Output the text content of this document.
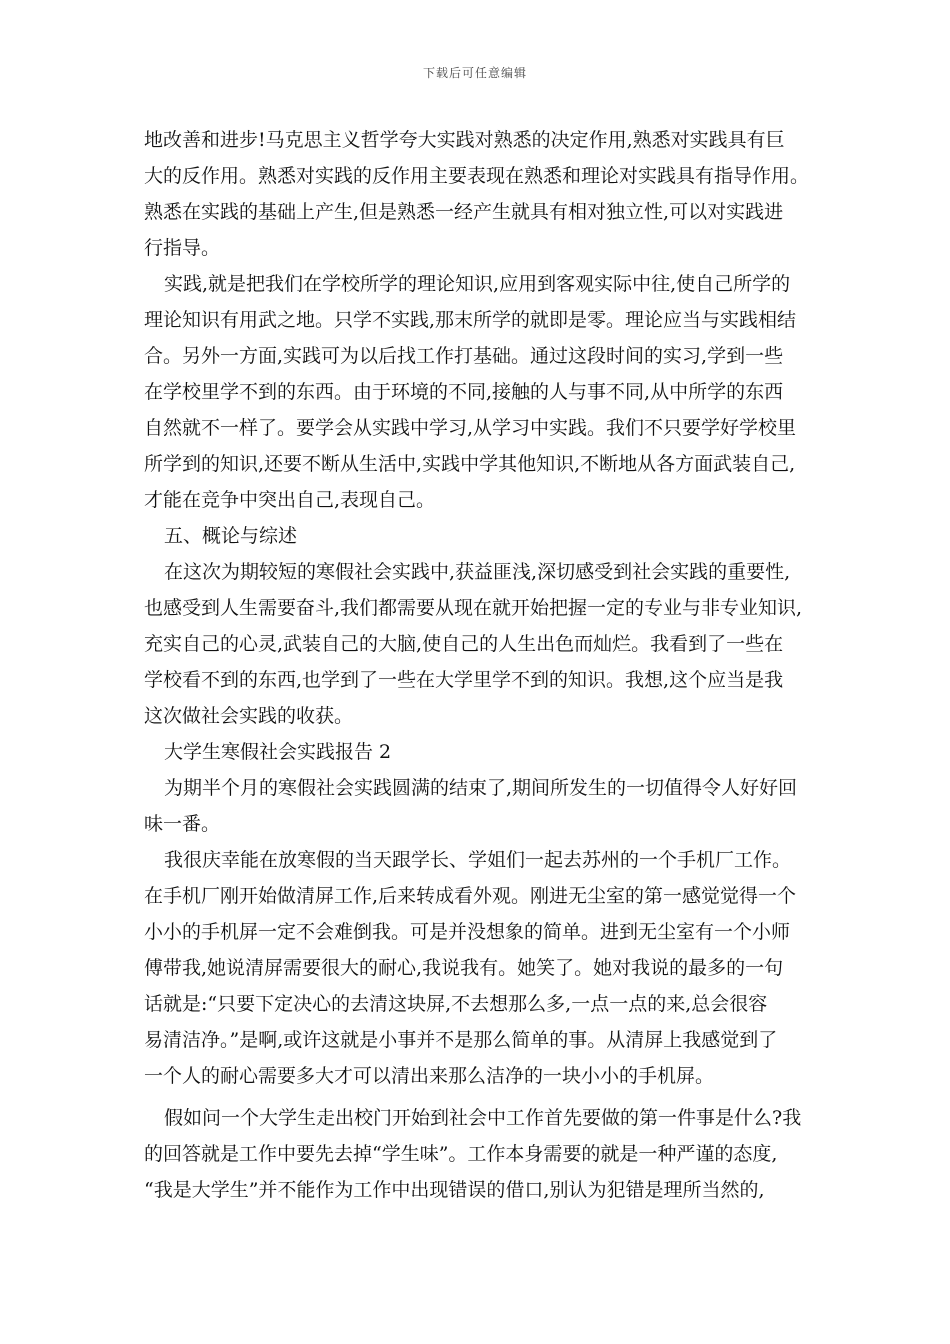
下载后可任意编辑
地改善和进步!马克思主义哲学夸大实践对熟悉的决定作用,熟悉对实践具有巨
大的反作用。熟悉对实践的反作用主要表现在熟悉和理论对实践具有指导作用。
熟悉在实践的基础上产生,但是熟悉一经产生就具有相对独立性,可以对实践进
行指导。
实践,就是把我们在学校所学的理论知识,应用到客观实际中往,使自己所学的
理论知识有用武之地。只学不实践,那末所学的就即是零。理论应当与实践相结
合。另外一方面,实践可为以后找工作打基础。通过这段时间的实习,学到一些
在学校里学不到的东西。由于环境的不同,接触的人与事不同,从中所学的东西
自然就不一样了。要学会从实践中学习,从学习中实践。我们不只要学好学校里
所学到的知识,还要不断从生活中,实践中学其他知识,不断地从各方面武装自己,
才能在竞争中突出自己,表现自己。
五、概论与综述
在这次为期较短的寒假社会实践中,获益匪浅,深切感受到社会实践的重要性,
也感受到人生需要奋斗,我们都需要从现在就开始把握一定的专业与非专业知识,
充实自己的心灵,武装自己的大脑,使自己的人生出色而灿烂。我看到了一些在
学校看不到的东西,也学到了一些在大学里学不到的知识。我想,这个应当是我
这次做社会实践的收获。
大学生寒假社会实践报告 2
为期半个月的寒假社会实践圆满的结束了,期间所发生的一切值得令人好好回
味一番。
我很庆幸能在放寒假的当天跟学长、学姐们一起去苏州的一个手机厂工作。
在手机厂刚开始做清屏工作,后来转成看外观。刚进无尘室的第一感觉觉得一个
小小的手机屏一定不会难倒我。可是并没想象的简单。进到无尘室有一个小师
傅带我,她说清屏需要很大的耐心,我说我有。她笑了。她对我说的最多的一句
话就是:“只要下定决心的去清这块屏,不去想那么多,一点一点的来,总会很容
易清洁净。”是啊,或许这就是小事并不是那么简单的事。从清屏上我感觉到了
一个人的耐心需要多大才可以清出来那么洁净的一块小小的手机屏。
假如问一个大学生走出校门开始到社会中工作首先要做的第一件事是什么?我
的回答就是工作中要先去掉“学生味”。工作本身需要的就是一种严谨的态度,
“我是大学生”并不能作为工作中出现错误的借口,别认为犯错是理所当然的,
